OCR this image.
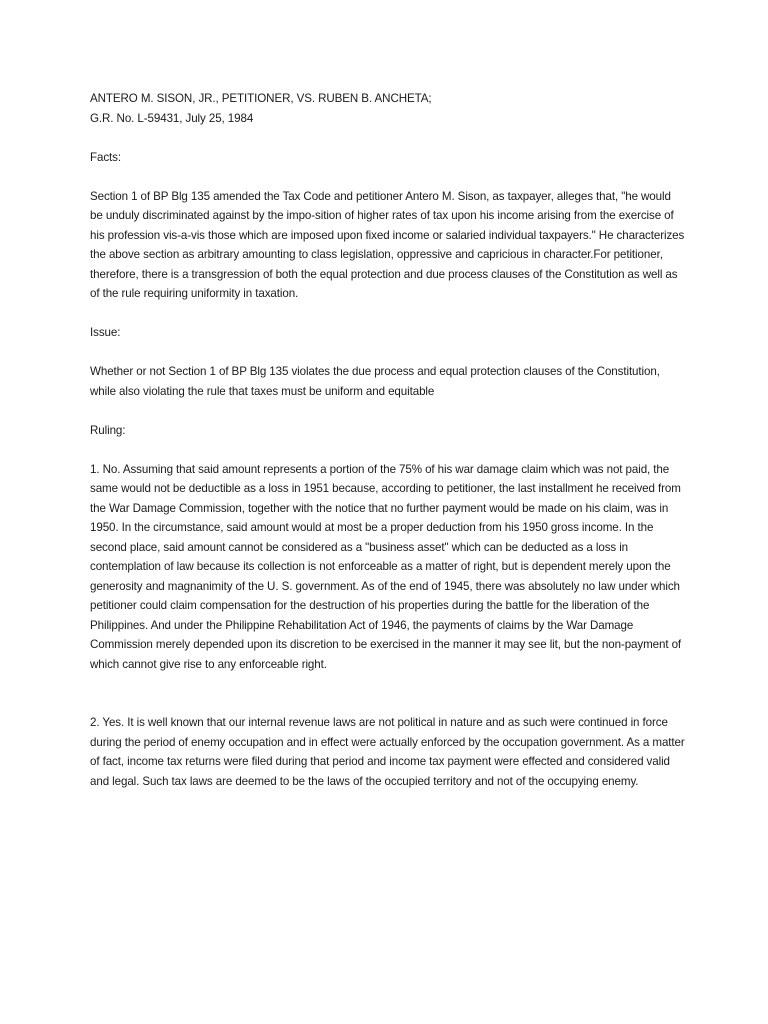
ANTERO M. SISON, JR., PETITIONER, VS. RUBEN B. ANCHETA;

G.R. No. L-59431, July 25, 1984

Facts:

Section 1 of BP Blg 135 amended the Tax Code and petitioner Antero M. Sison, as taxpayer, alleges that, "he would be unduly discriminated against by the impo-sition of higher rates of tax upon his income arising from the exercise of his profession vis-a-vis those which are imposed upon fixed income or salaried individual taxpayers." He characterizes the above section as arbitrary amounting to class legislation, oppressive and capricious in character.For petitioner, therefore, there is a transgression of both the equal protection and due process clauses of the Constitution as well as of the rule requiring uniformity in taxation.

Issue:

Whether or not Section 1 of BP Blg 135 violates the due process and equal protection clauses of the Constitution, while also violating the rule that taxes must be uniform and equitable

Ruling:

1. No. Assuming that said amount represents a portion of the 75% of his war damage claim which was not paid, the same would not be deductible as a loss in 1951 because, according to petitioner, the last installment he received from the War Damage Commission, together with the notice that no further payment would be made on his claim, was in 1950. In the circumstance, said amount would at most be a proper deduction from his 1950 gross income. In the second place, said amount cannot be considered as a "business asset" which can be deducted as a loss in contemplation of law because its collection is not enforceable as a matter of right, but is dependent merely upon the generosity and magnanimity of the U. S. government. As of the end of 1945, there was absolutely no law under which petitioner could claim compensation for the destruction of his properties during the battle for the liberation of the Philippines. And under the Philippine Rehabilitation Act of 1946, the payments of claims by the War Damage Commission merely depended upon its discretion to be exercised in the manner it may see lit, but the non-payment of which cannot give rise to any enforceable right.

2. Yes. It is well known that our internal revenue laws are not political in nature and as such were continued in force during the period of enemy occupation and in effect were actually enforced by the occupation government. As a matter of fact, income tax returns were filed during that period and income tax payment were effected and considered valid and legal. Such tax laws are deemed to be the laws of the occupied territory and not of the occupying enemy.
